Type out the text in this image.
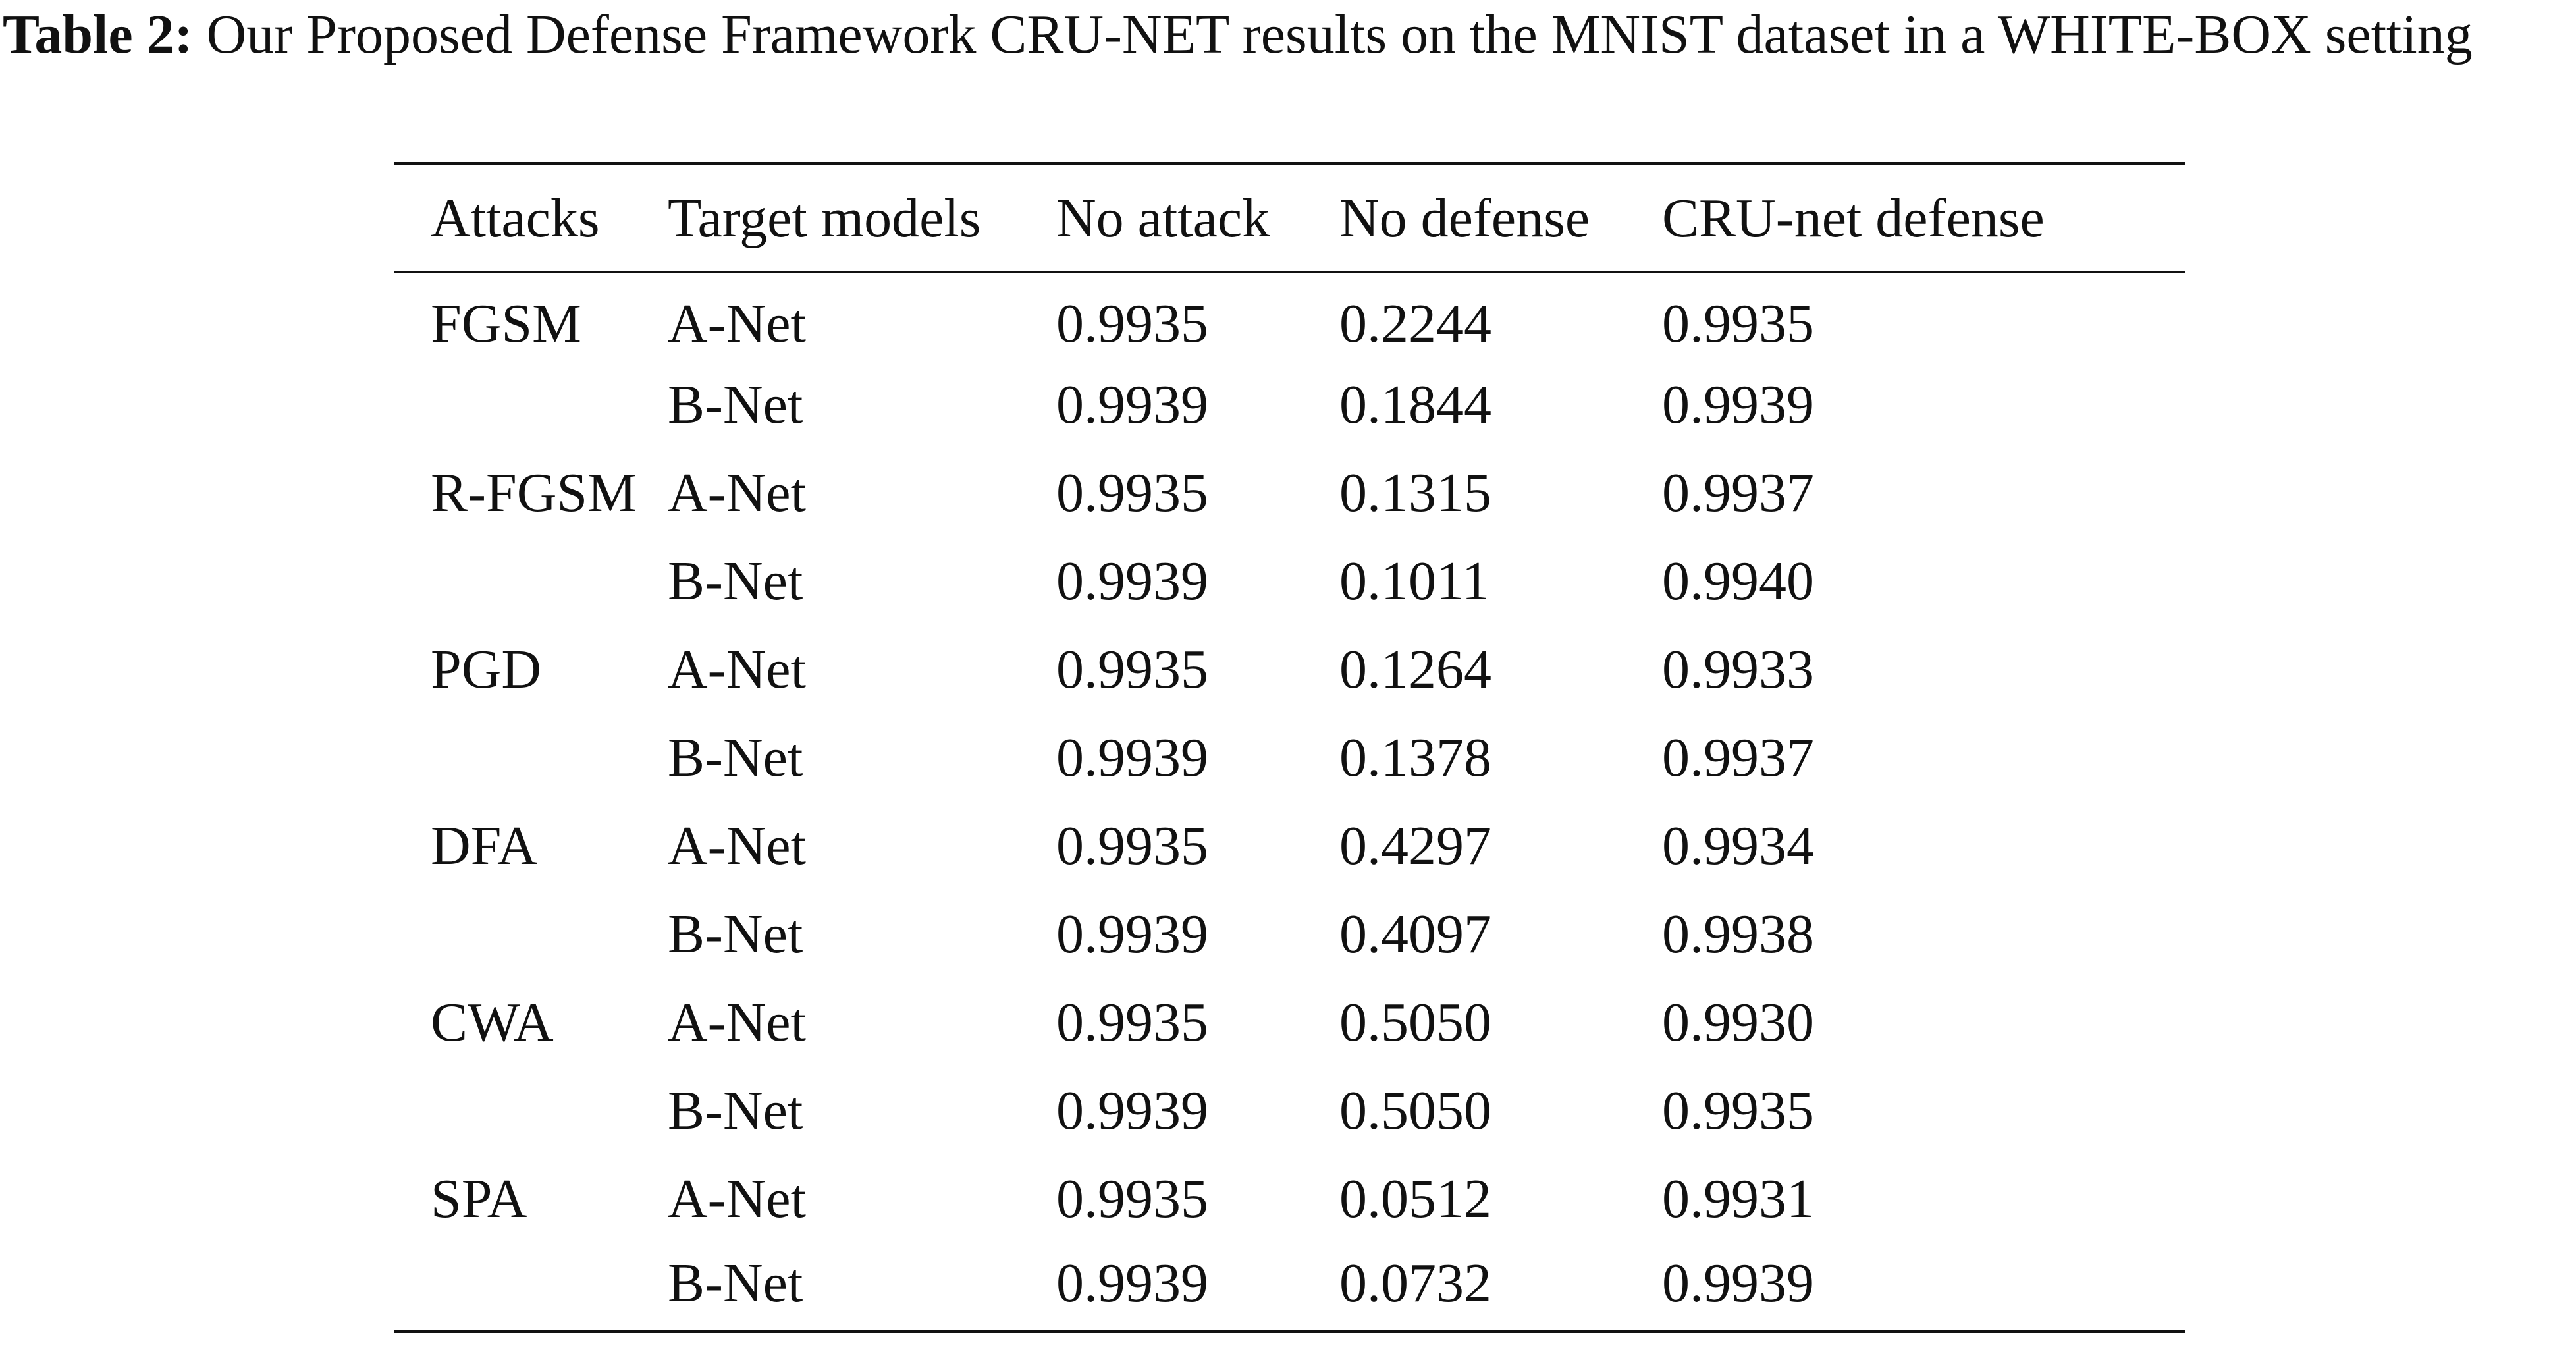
Table 2: Our Proposed Defense Framework CRU-NET results on the MNIST dataset in a WHITE-BOX setting
Attacks	Target models	No attack	No defense	CRU-net defense
FGSM	A-Net	0.9935	0.2244	0.9935
	B-Net	0.9939	0.1844	0.9939
R-FGSM	A-Net	0.9935	0.1315	0.9937
	B-Net	0.9939	0.1011	0.9940
PGD	A-Net	0.9935	0.1264	0.9933
	B-Net	0.9939	0.1378	0.9937
DFA	A-Net	0.9935	0.4297	0.9934
	B-Net	0.9939	0.4097	0.9938
CWA	A-Net	0.9935	0.5050	0.9930
	B-Net	0.9939	0.5050	0.9935
SPA	A-Net	0.9935	0.0512	0.9931
	B-Net	0.9939	0.0732	0.9939
